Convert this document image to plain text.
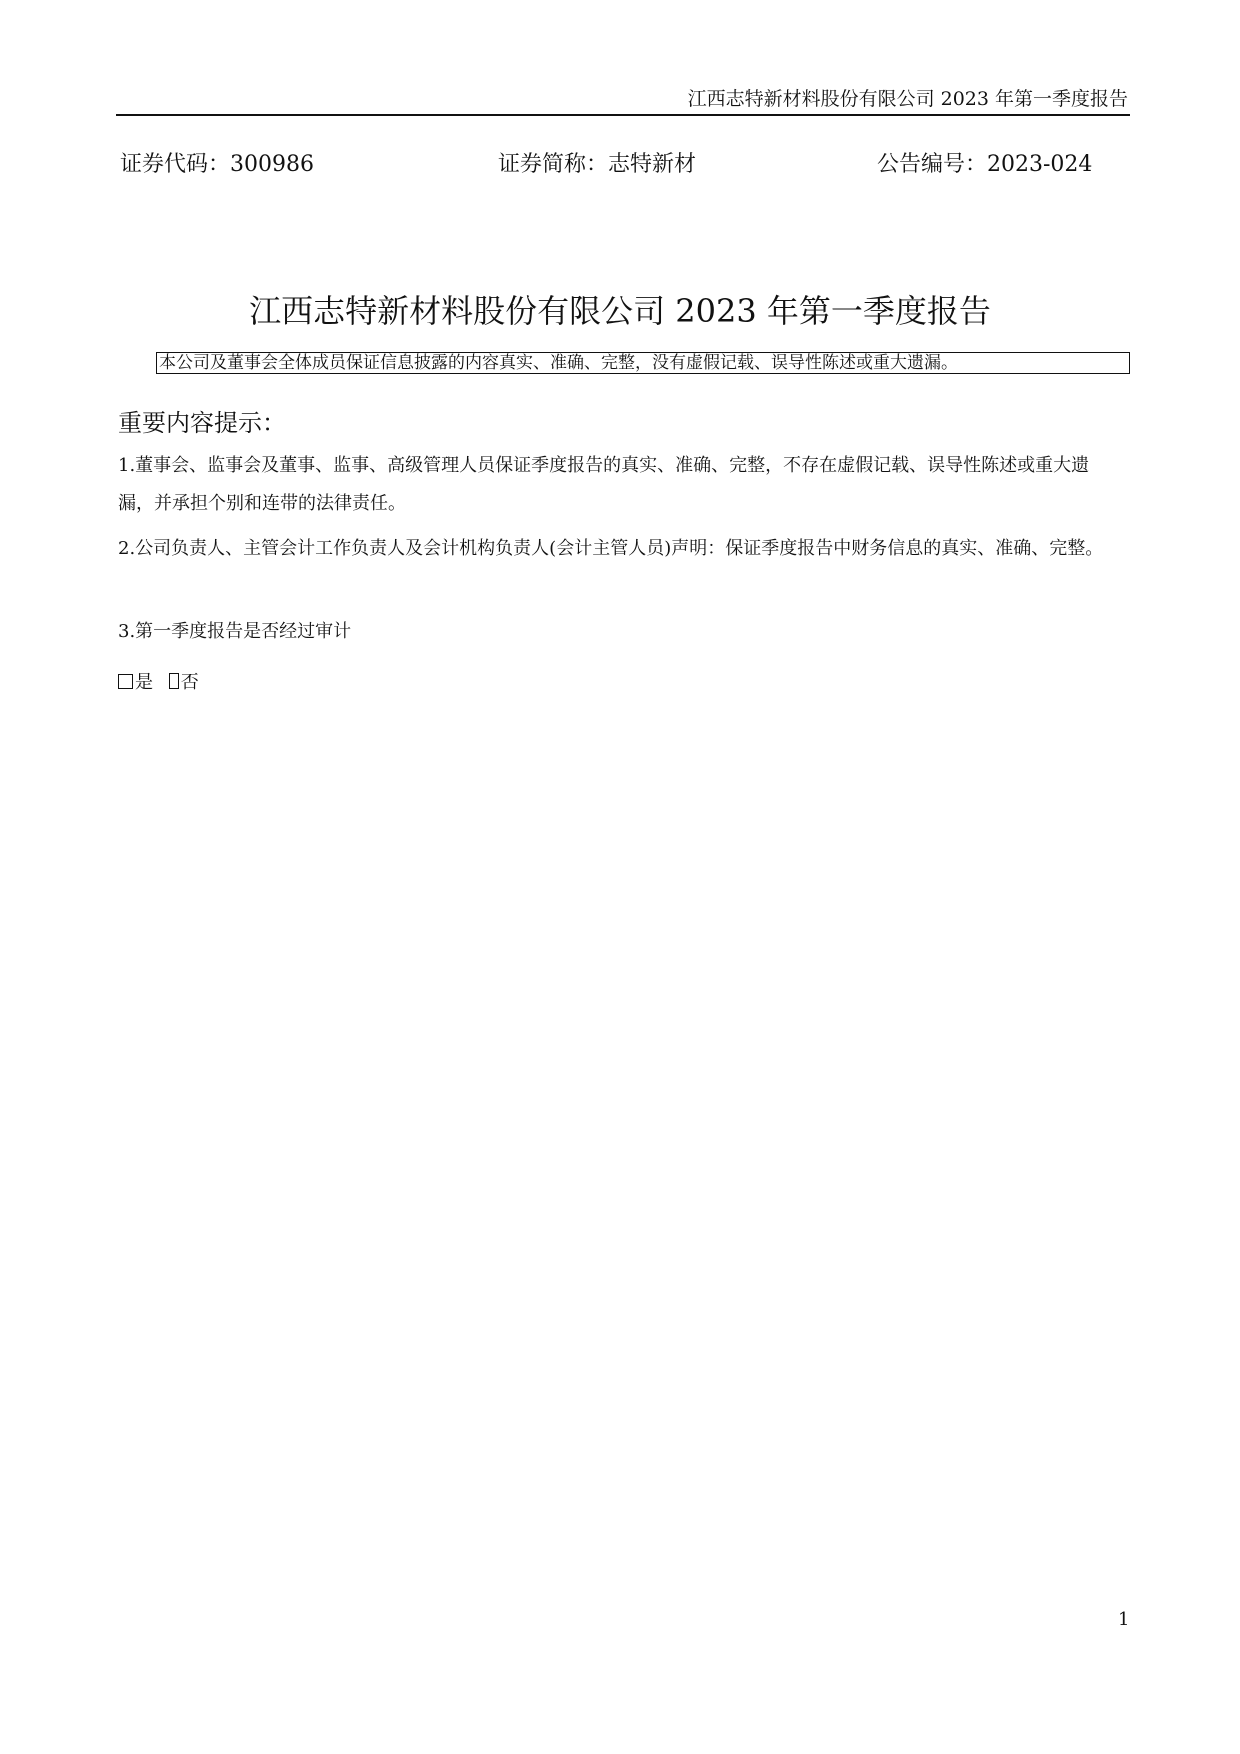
江西志特新材料股份有限公司 2023 年第一季度报告
证券代码：300986	证券简称：志特新材	公告编号：2023-024
江西志特新材料股份有限公司 2023 年第一季度报告
本公司及董事会全体成员保证信息披露的内容真实、准确、完整，没有虚假记载、误导性陈述或重大遗漏。
重要内容提示：
1.董事会、监事会及董事、监事、高级管理人员保证季度报告的真实、准确、完整，不存在虚假记载、误导性陈述或重大遗漏，并承担个别和连带的法律责任。
2.公司负责人、主管会计工作负责人及会计机构负责人(会计主管人员)声明：保证季度报告中财务信息的真实、准确、完整。
3.第一季度报告是否经过审计
是 否
1
